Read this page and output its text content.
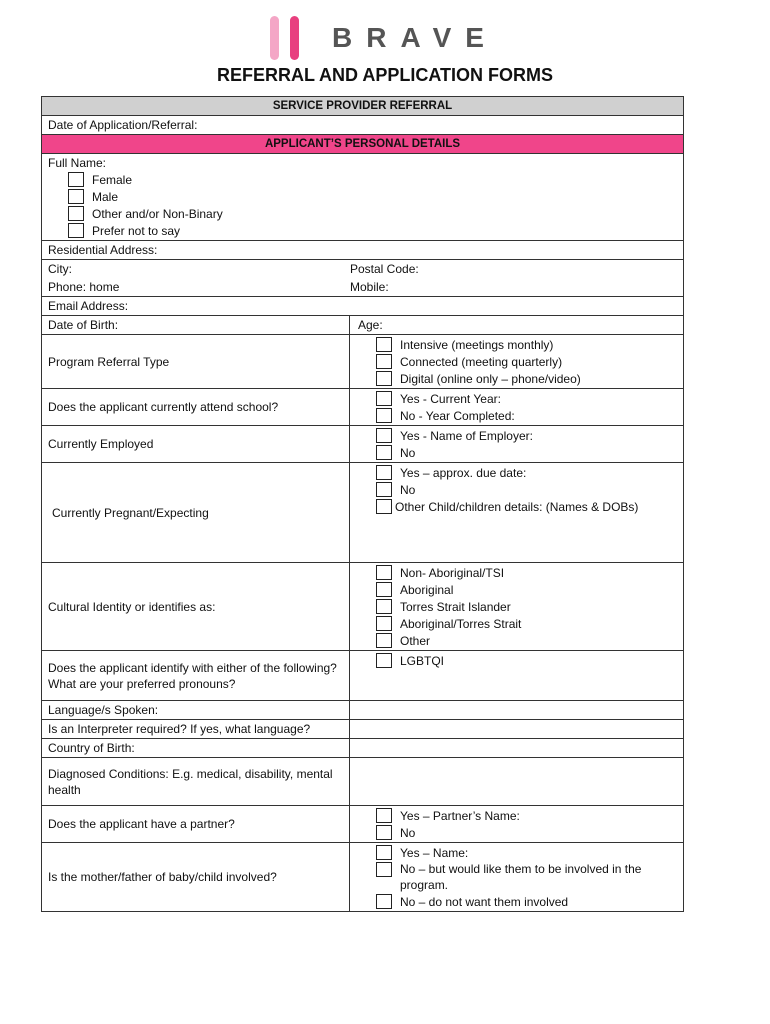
BRAVE
REFERRAL AND APPLICATION FORMS
SERVICE PROVIDER REFERRAL	
Date of Application/Referral:	
APPLICANT’S PERSONAL DETAILS	

Full Name:
Female
Male
Other and/or Non-Binary
Prefer not to say	

Residential Address:	

City: Postal Code:
Phone: home Mobile:	

Email Address:	
Date of Birth:	Age:
Program Referral Type	Intensive (meetings monthly)
Connected (meeting quarterly)
Digital (online only – phone/video)

Does the applicant currently attend school?	Yes - Current Year:
No - Year Completed:

Currently Employed	Yes - Name of Employer:
No

Currently Pregnant/Expecting	Yes – approx. due date:
No
Other Child/children details: (Names & DOBs)

Cultural Identity or identifies as:	Non- Aboriginal/TSI
Aboriginal
Torres Strait Islander
Aboriginal/Torres Strait
Other

Does the applicant identify with either of the following? What are your preferred pronouns?	LGBTQI

Language/s Spoken:	
Is an Interpreter required? If yes, what language?	
Country of Birth:	
Diagnosed Conditions: E.g. medical, disability, mental health	
Does the applicant have a partner?	Yes – Partner’s Name:
No

Is the mother/father of baby/child involved?	Yes – Name:
No – but would like them to be involved in the program.
No – do not want them involved
